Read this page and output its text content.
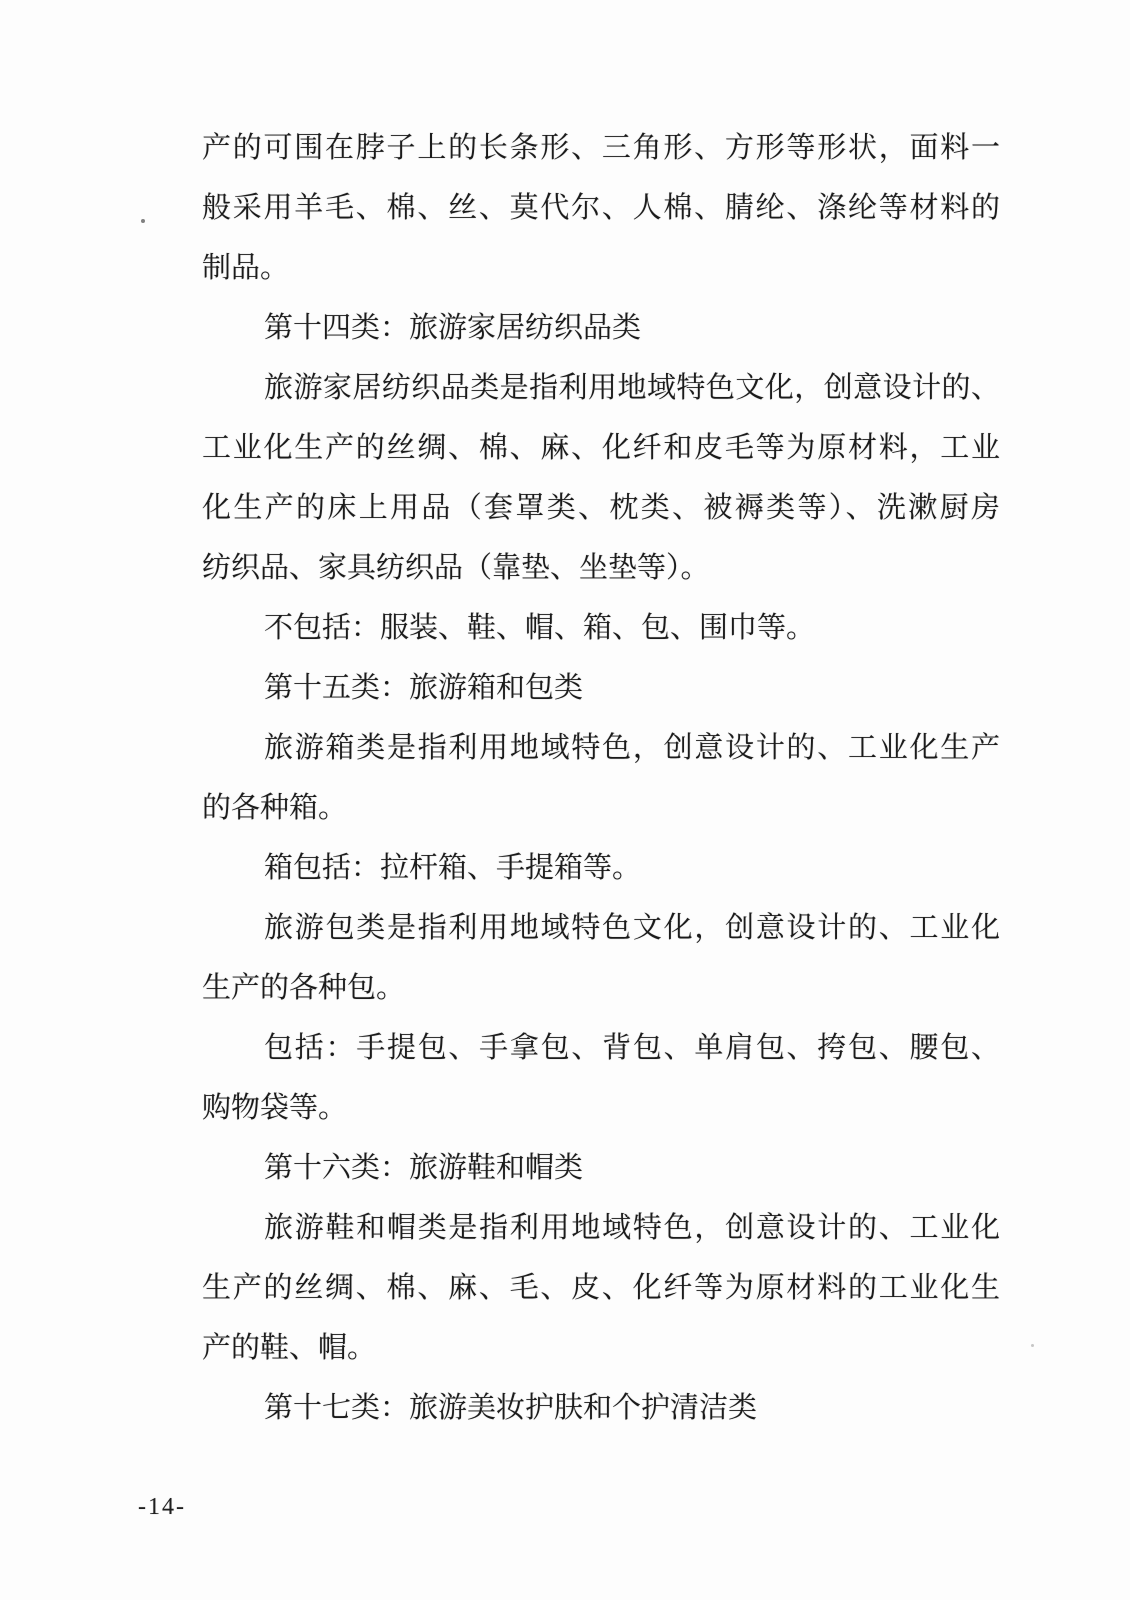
产的可围在脖子上的长条形、三角形、方形等形状，面料一
般采用羊毛、棉、丝、莫代尔、人棉、腈纶、涤纶等材料的
制品。
第十四类：旅游家居纺织品类
旅游家居纺织品类是指利用地域特色文化，创意设计的、
工业化生产的丝绸、棉、麻、化纤和皮毛等为原材料，工业
化生产的床上用品（套罩类、枕类、被褥类等）、洗漱厨房
纺织品、家具纺织品（靠垫、坐垫等）。
不包括：服装、鞋、帽、箱、包、围巾等。
第十五类：旅游箱和包类
旅游箱类是指利用地域特色，创意设计的、工业化生产
的各种箱。
箱包括：拉杆箱、手提箱等。
旅游包类是指利用地域特色文化，创意设计的、工业化
生产的各种包。
包括：手提包、手拿包、背包、单肩包、挎包、腰包、
购物袋等。
第十六类：旅游鞋和帽类
旅游鞋和帽类是指利用地域特色，创意设计的、工业化
生产的丝绸、棉、麻、毛、皮、化纤等为原材料的工业化生
产的鞋、帽。
第十七类：旅游美妆护肤和个护清洁类
-14-
